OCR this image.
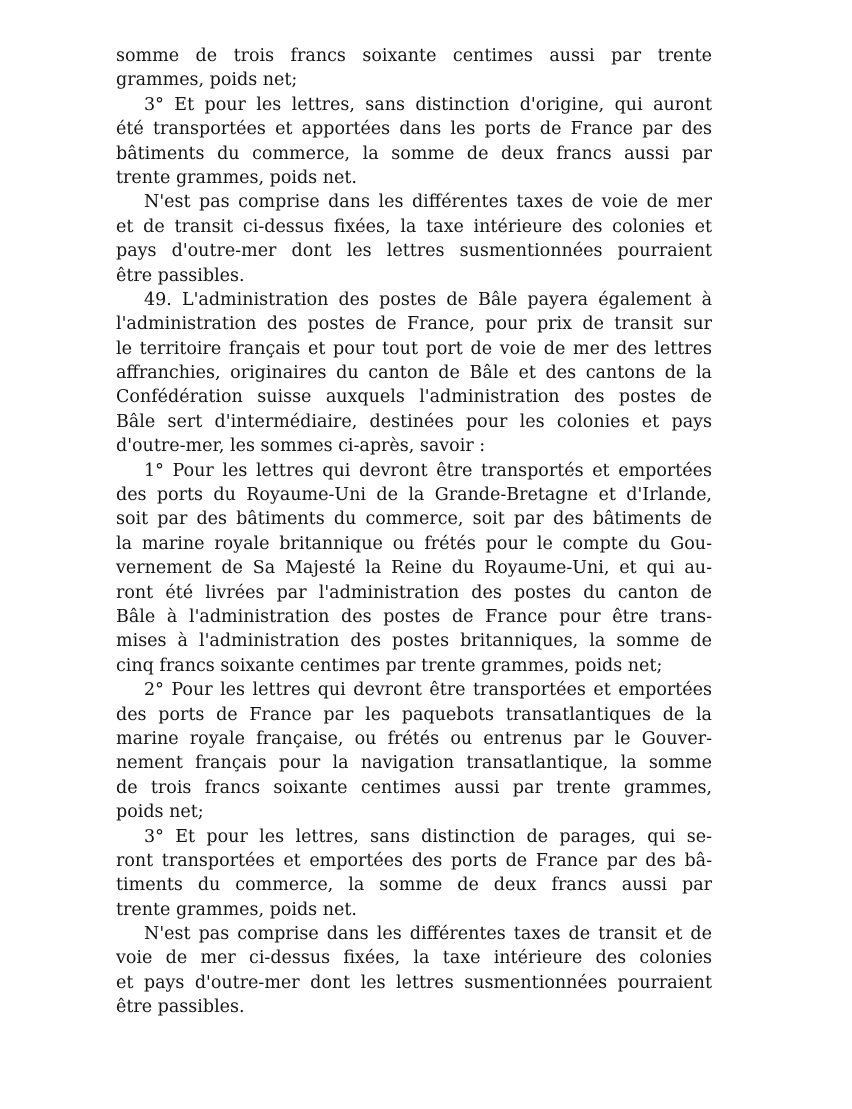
somme de trois francs soixante centimes aussi par trente
grammes, poids net;
3° Et pour les lettres, sans distinction d'origine, qui auront
été transportées et apportées dans les ports de France par des
bâtiments du commerce, la somme de deux francs aussi par
trente grammes, poids net.
N'est pas comprise dans les différentes taxes de voie de mer
et de transit ci-dessus fixées, la taxe intérieure des colonies et
pays d'outre-mer dont les lettres susmentionnées pourraient
être passibles.
49. L'administration des postes de Bâle payera également à
l'administration des postes de France, pour prix de transit sur
le territoire français et pour tout port de voie de mer des lettres
affranchies, originaires du canton de Bâle et des cantons de la
Confédération suisse auxquels l'administration des postes de
Bâle sert d'intermédiaire, destinées pour les colonies et pays
d'outre-mer, les sommes ci-après, savoir :
1° Pour les lettres qui devront être transportés et emportées
des ports du Royaume-Uni de la Grande-Bretagne et d'Irlande,
soit par des bâtiments du commerce, soit par des bâtiments de
la marine royale britannique ou frétés pour le compte du Gou-
vernement de Sa Majesté la Reine du Royaume-Uni, et qui au-
ront été livrées par l'administration des postes du canton de
Bâle à l'administration des postes de France pour être trans-
mises à l'administration des postes britanniques, la somme de
cinq francs soixante centimes par trente grammes, poids net;
2° Pour les lettres qui devront être transportées et emportées
des ports de France par les paquebots transatlantiques de la
marine royale française, ou frétés ou entrenus par le Gouver-
nement français pour la navigation transatlantique, la somme
de trois francs soixante centimes aussi par trente grammes,
poids net;
3° Et pour les lettres, sans distinction de parages, qui se-
ront transportées et emportées des ports de France par des bâ-
timents du commerce, la somme de deux francs aussi par
trente grammes, poids net.
N'est pas comprise dans les différentes taxes de transit et de
voie de mer ci-dessus fixées, la taxe intérieure des colonies
et pays d'outre-mer dont les lettres susmentionnées pourraient
être passibles.
